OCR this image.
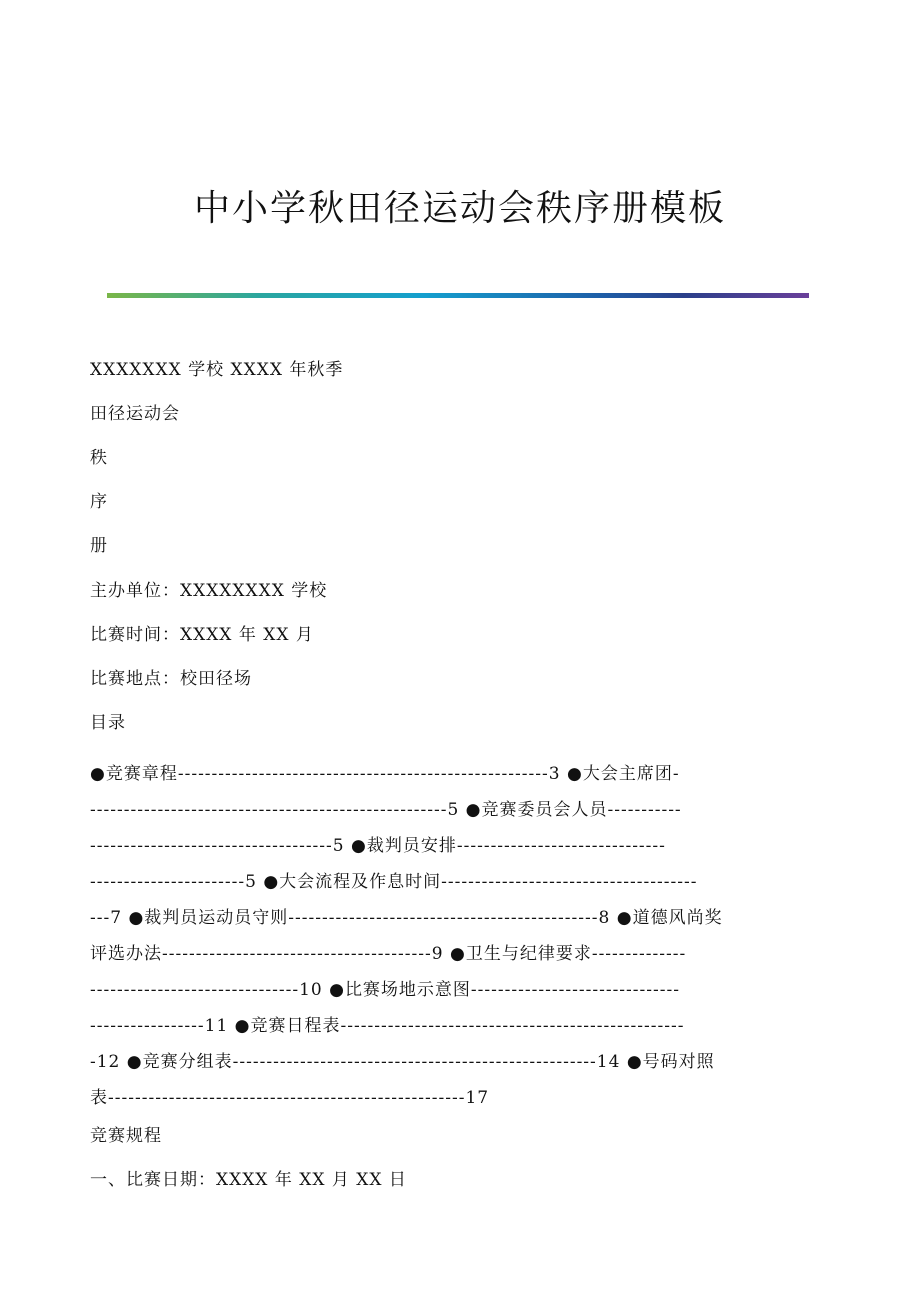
中小学秋田径运动会秩序册模板
XXXXXXX 学校 XXXX 年秋季
田径运动会
秩
序
册
主办单位：XXXXXXXX 学校
比赛时间：XXXX 年 XX 月
比赛地点：校田径场
目录
●竞赛章程-------------------------------------------------------3 ●大会主席团-
-----------------------------------------------------5 ●竞赛委员会人员-----------
------------------------------------5 ●裁判员安排-------------------------------
-----------------------5 ●大会流程及作息时间--------------------------------------
---7 ●裁判员运动员守则----------------------------------------------8 ●道德风尚奖
评选办法----------------------------------------9 ●卫生与纪律要求--------------
-------------------------------10 ●比赛场地示意图-------------------------------
-----------------11 ●竞赛日程表---------------------------------------------------
-12 ●竞赛分组表------------------------------------------------------14 ●号码对照
表-----------------------------------------------------17
竞赛规程
一、比赛日期：XXXX 年 XX 月 XX 日
